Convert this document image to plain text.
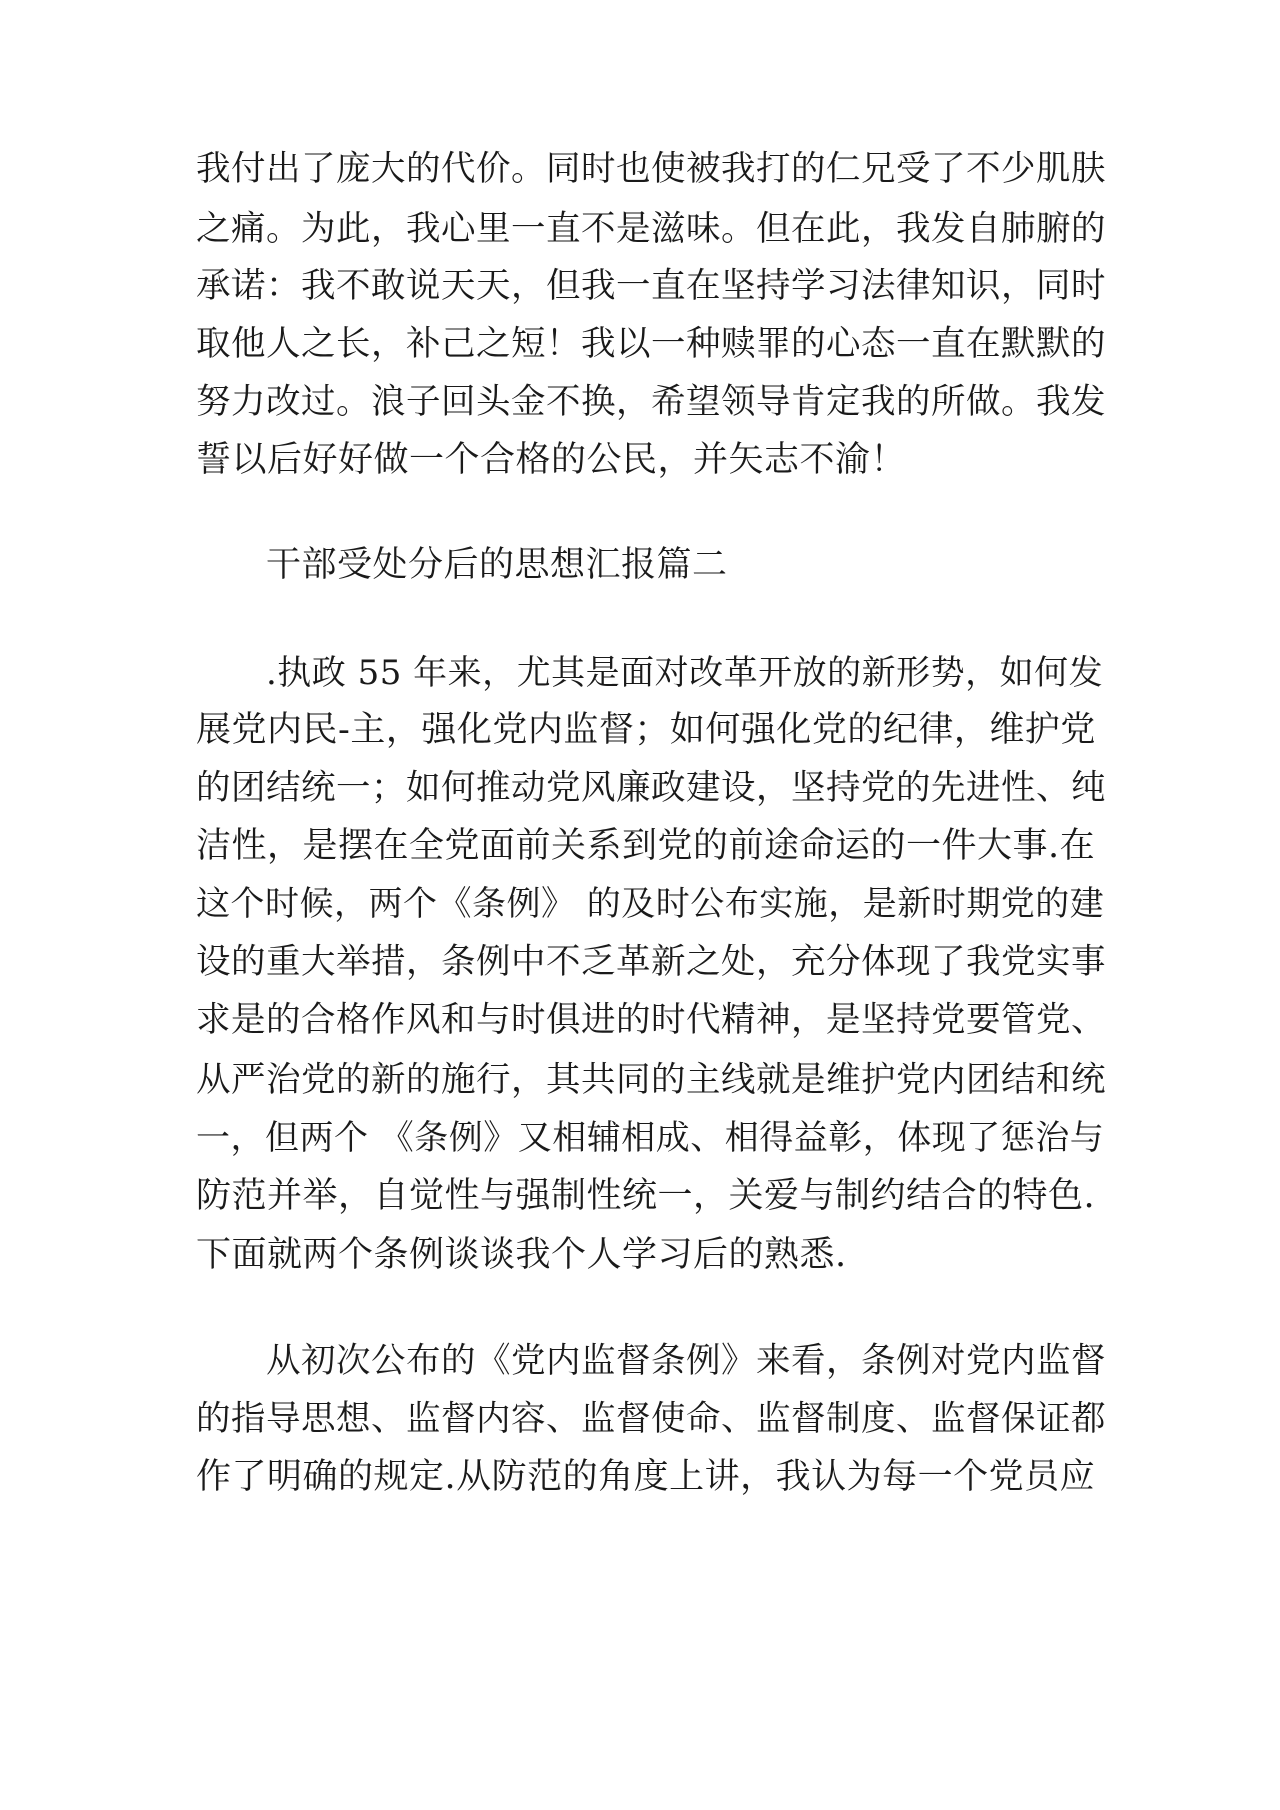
我付出了庞大的代价。同时也使被我打的仁兄受了不少肌肤
之痛。为此，我心里一直不是滋味。但在此，我发自肺腑的
承诺：我不敢说天天，但我一直在坚持学习法律知识，同时
取他人之长，补己之短！我以一种赎罪的心态一直在默默的
努力改过。浪子回头金不换，希望领导肯定我的所做。我发
誓以后好好做一个合格的公民，并矢志不渝！
干部受处分后的思想汇报篇二
.执政 55 年来，尤其是面对改革开放的新形势，如何发
展党内民-主，强化党内监督；如何强化党的纪律，维护党
的团结统一；如何推动党风廉政建设，坚持党的先进性、纯
洁性，是摆在全党面前关系到党的前途命运的一件大事.在
这个时候，两个《条例》 的及时公布实施，是新时期党的建
设的重大举措，条例中不乏革新之处，充分体现了我党实事
求是的合格作风和与时俱进的时代精神，是坚持党要管党、
从严治党的新的施行，其共同的主线就是维护党内团结和统
一，但两个 《条例》又相辅相成、相得益彰，体现了惩治与
防范并举，自觉性与强制性统一，关爱与制约结合的特色.
下面就两个条例谈谈我个人学习后的熟悉.
从初次公布的《党内监督条例》来看，条例对党内监督
的指导思想、监督内容、监督使命、监督制度、监督保证都
作了明确的规定.从防范的角度上讲，我认为每一个党员应
